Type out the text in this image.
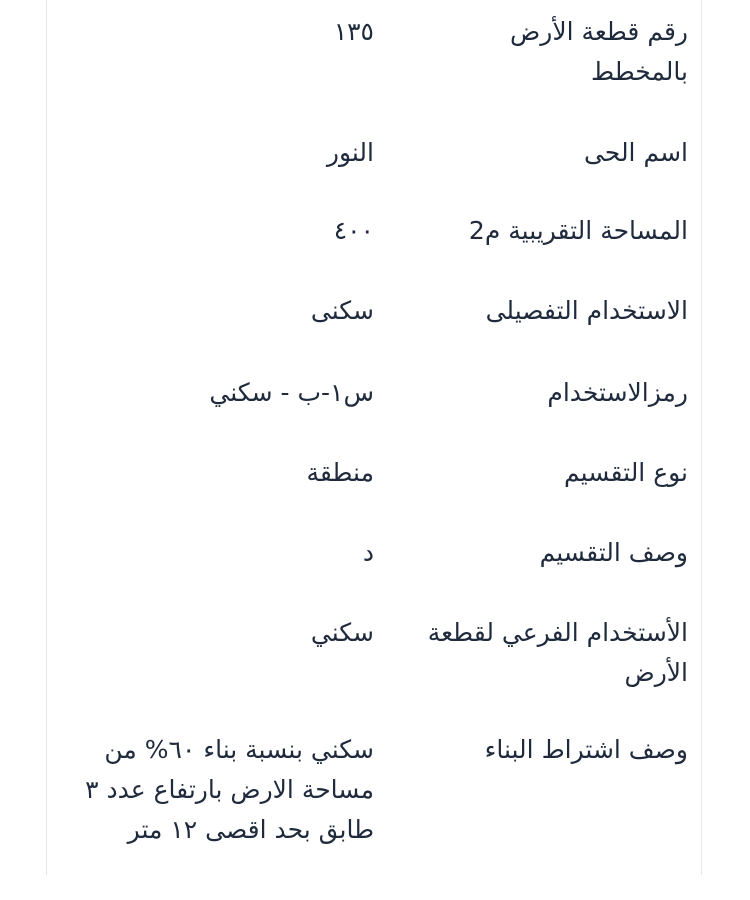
رقم قطعة الأرض بالمخطط
١٣٥
اسم الحى
النور
المساحة التقريبية م2
٤٠٠
الاستخدام التفصيلى
سكنى
رمزالاستخدام
س١-ب - سكني
نوع التقسيم
منطقة
وصف التقسيم
د
الأستخدام الفرعي لقطعة الأرض
سكني
وصف اشتراط البناء
سكني بنسبة بناء ٦٠% من مساحة الارض بارتفاع عدد ٣ طابق بحد اقصى ١٢ متر
